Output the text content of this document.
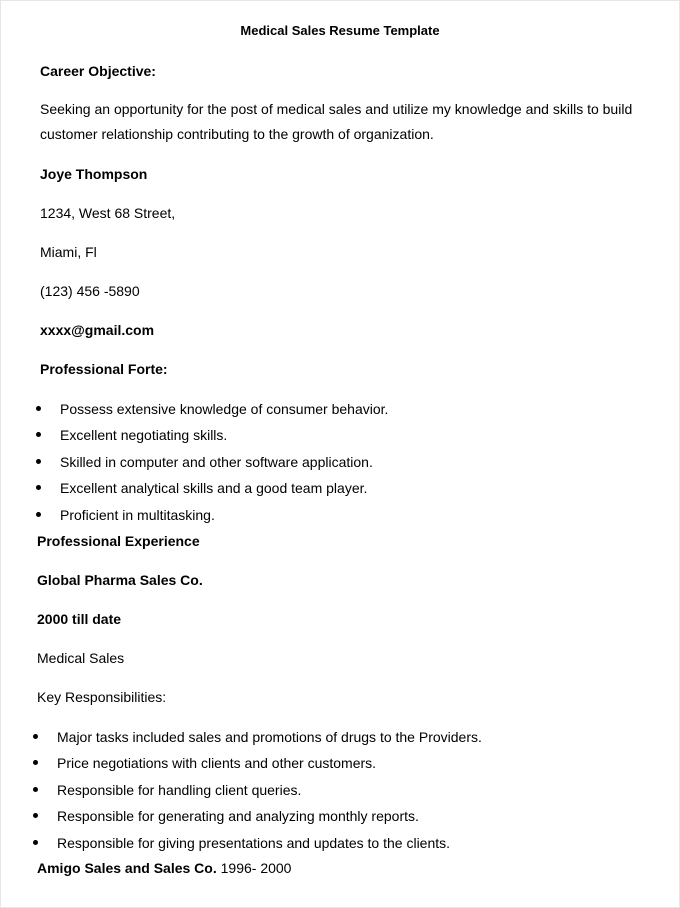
Medical Sales Resume Template
Career Objective:
Seeking an opportunity for the post of medical sales and utilize my knowledge and skills to build customer relationship contributing to the growth of organization.
Joye Thompson
1234, West 68 Street,
Miami, Fl
(123) 456 -5890
xxxx@gmail.com
Professional Forte:
Possess extensive knowledge of consumer behavior.
Excellent negotiating skills.
Skilled in computer and other software application.
Excellent analytical skills and a good team player.
Proficient in multitasking.
Professional Experience
Global Pharma Sales Co.
2000 till date
Medical Sales
Key Responsibilities:
Major tasks included sales and promotions of drugs to the Providers.
Price negotiations with clients and other customers.
Responsible for handling client queries.
Responsible for generating and analyzing monthly reports.
Responsible for giving presentations and updates to the clients.
Amigo Sales and Sales Co. 1996- 2000
